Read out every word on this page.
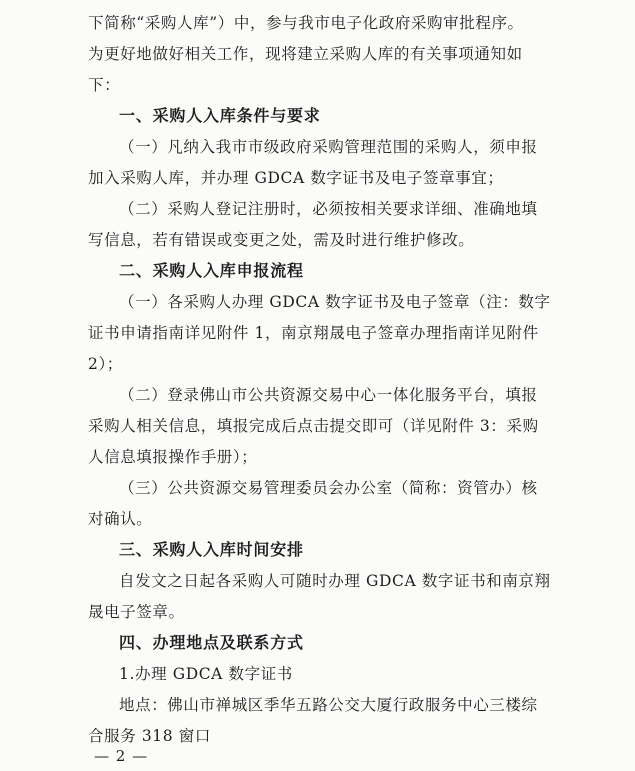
下简称“采购人库”）中，参与我市电子化政府采购审批程序。
为更好地做好相关工作，现将建立采购人库的有关事项通知如
下：
一、采购人入库条件与要求
（一）凡纳入我市市级政府采购管理范围的采购人，须申报
加入采购人库，并办理 GDCA 数字证书及电子签章事宜；
（二）采购人登记注册时，必须按相关要求详细、准确地填
写信息，若有错误或变更之处，需及时进行维护修改。
二、采购人入库申报流程
（一）各采购人办理 GDCA 数字证书及电子签章（注：数字
证书申请指南详见附件 1，南京翔晟电子签章办理指南详见附件
2）；
（二）登录佛山市公共资源交易中心一体化服务平台，填报
采购人相关信息，填报完成后点击提交即可（详见附件 3：采购
人信息填报操作手册）；
（三）公共资源交易管理委员会办公室（简称：资管办）核
对确认。
三、采购人入库时间安排
自发文之日起各采购人可随时办理 GDCA 数字证书和南京翔
晟电子签章。
四、办理地点及联系方式
1.办理 GDCA 数字证书
地点：佛山市禅城区季华五路公交大厦行政服务中心三楼综
合服务 318 窗口
— 2 —
